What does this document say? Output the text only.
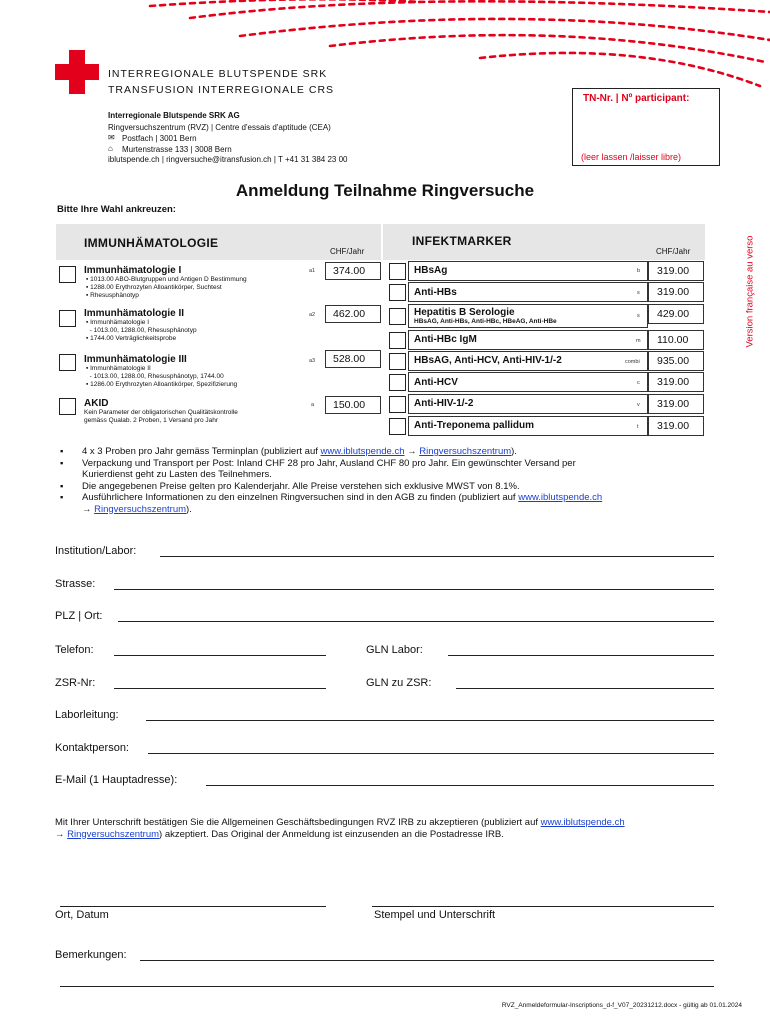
INTERREGIONALE BLUTSPENDE SRK
TRANSFUSION INTERREGIONALE CRS
Interregionale Blutspende SRK AG
Ringversuchszentrum (RVZ) | Centre d'essais d'aptitude (CEA)
✉ Postfach | 3001 Bern
⌂ Murtenstrasse 133 | 3008 Bern
iblutspende.ch | ringversuche@itransfusion.ch | T +41 31 384 23 00
TN-Nr. | Nº participant:
(leer lassen /laisser libre)
Version française au verso
Anmeldung Teilnahme Ringversuche
Bitte Ihre Wahl ankreuzen:
IMMUNHÄMATOLOGIE
CHF/Jahr
INFEKTMARKER
CHF/Jahr
Immunhämatologie I
▪ 1013.00 ABO-Blutgruppen und Antigen D Bestimmung
▪ 1288.00 Erythrozyten Alloantikörper, Suchtest
▪ Rhesusphänotyp
a1 374.00
Immunhämatologie II
▪ Immunhämatologie I
- 1013.00, 1288.00, Rhesusphänotyp
▪ 1744.00 Verträglichkeitsprobe
a2 462.00
Immunhämatologie III
▪ Immunhämatologie II
- 1013.00, 1288.00, Rhesusphänotyp, 1744.00
▪ 1286.00 Erythrozyten Alloantikörper, Spezifizierung
a3 528.00
AKID
Kein Parameter der obligatorischen Qualitätskontrolle
gemäss Qualab. 2 Proben, 1 Versand pro Jahr
a 150.00
HBsAg	b 319.00
Anti-HBs	s 319.00
Hepatitis B Serologie
HBsAG, Anti-HBs, Anti-HBc, HBeAG, Anti-HBe
s 429.00
Anti-HBc IgM	m 110.00
HBsAG, Anti-HCV, Anti-HIV-1/-2	combi 935.00
Anti-HCV	c 319.00
Anti-HIV-1/-2	v 319.00
Anti-Treponema pallidum	t 319.00
▪ 4 x 3 Proben pro Jahr gemäss Terminplan (publiziert auf www.iblutspende.ch → Ringversuchszentrum).
▪ Verpackung und Transport per Post: Inland CHF 28 pro Jahr, Ausland CHF 80 pro Jahr. Ein gewünschter Versand per
Kurierdienst geht zu Lasten des Teilnehmers.
▪ Die angegebenen Preise gelten pro Kalenderjahr. Alle Preise verstehen sich exklusive MWST von 8.1%.
▪ Ausführlichere Informationen zu den einzelnen Ringversuchen sind in den AGB zu finden (publiziert auf www.iblutspende.ch
→ Ringversuchszentrum).
Institution/Labor:
Strasse:
PLZ | Ort:
Telefon:	GLN Labor:
ZSR-Nr:	GLN zu ZSR:
Laborleitung:
Kontaktperson:
E-Mail (1 Hauptadresse):
Mit Ihrer Unterschrift bestätigen Sie die Allgemeinen Geschäftsbedingungen RVZ IRB zu akzeptieren (publiziert auf www.iblutspende.ch
→ Ringversuchszentrum) akzeptiert. Das Original der Anmeldung ist einzusenden an die Postadresse IRB.
Ort, Datum	Stempel und Unterschrift
Bemerkungen:
RVZ_Anmeldeformular-Inscriptions_d-f_V07_20231212.docx - gültig ab 01.01.2024
